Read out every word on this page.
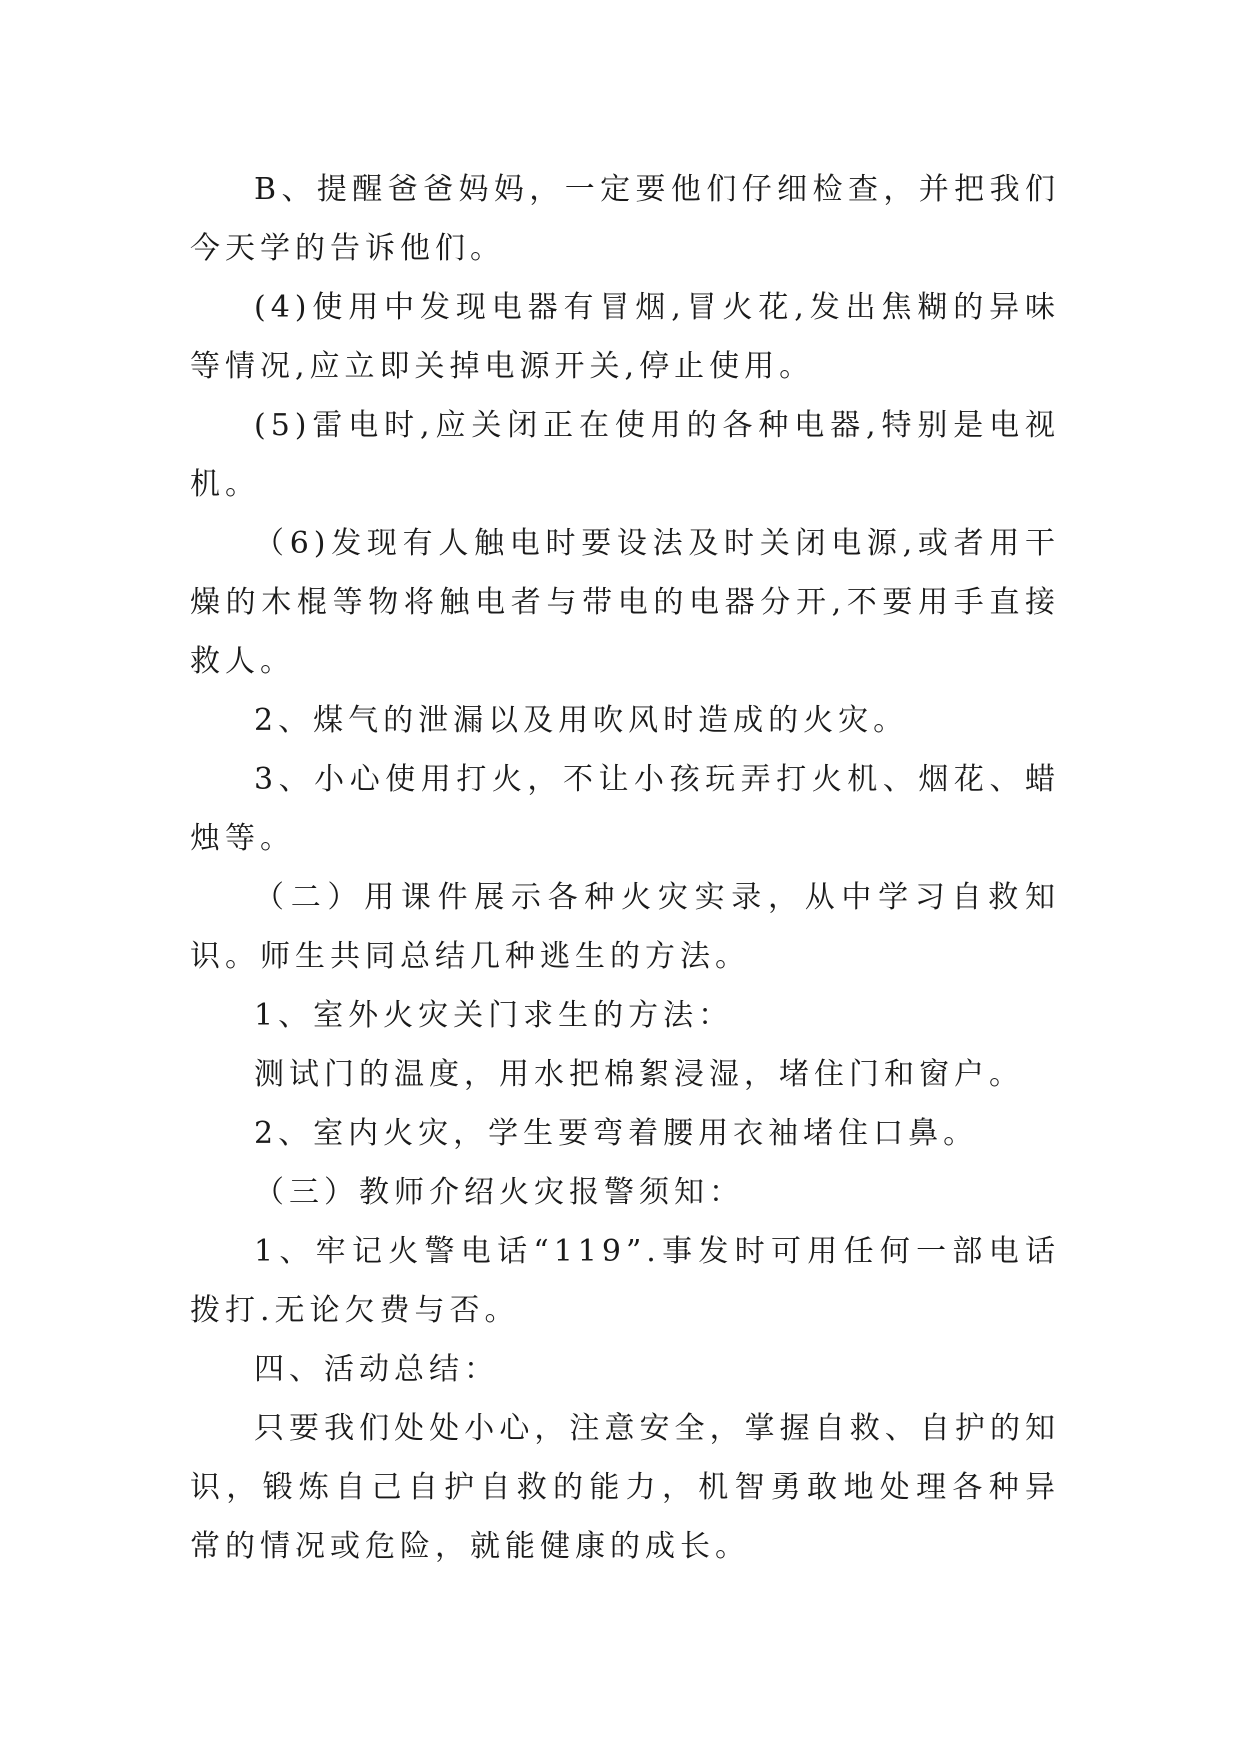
B、提醒爸爸妈妈，一定要他们仔细检查，并把我们今天学的告诉他们。

(4)使用中发现电器有冒烟,冒火花,发出焦糊的异味等情况,应立即关掉电源开关,停止使用。

(5)雷电时,应关闭正在使用的各种电器,特别是电视机。

（6)发现有人触电时要设法及时关闭电源,或者用干燥的木棍等物将触电者与带电的电器分开,不要用手直接救人。

2、煤气的泄漏以及用吹风时造成的火灾。

3、小心使用打火，不让小孩玩弄打火机、烟花、蜡烛等。

（二）用课件展示各种火灾实录，从中学习自救知识。师生共同总结几种逃生的方法。

1、室外火灾关门求生的方法：

测试门的温度，用水把棉絮浸湿，堵住门和窗户。

2、室内火灾，学生要弯着腰用衣袖堵住口鼻。

（三）教师介绍火灾报警须知：

1、牢记火警电话“119”.事发时可用任何一部电话拨打.无论欠费与否。

四、活动总结：

只要我们处处小心，注意安全，掌握自救、自护的知识，锻炼自己自护自救的能力，机智勇敢地处理各种异常的情况或危险，就能健康的成长。
